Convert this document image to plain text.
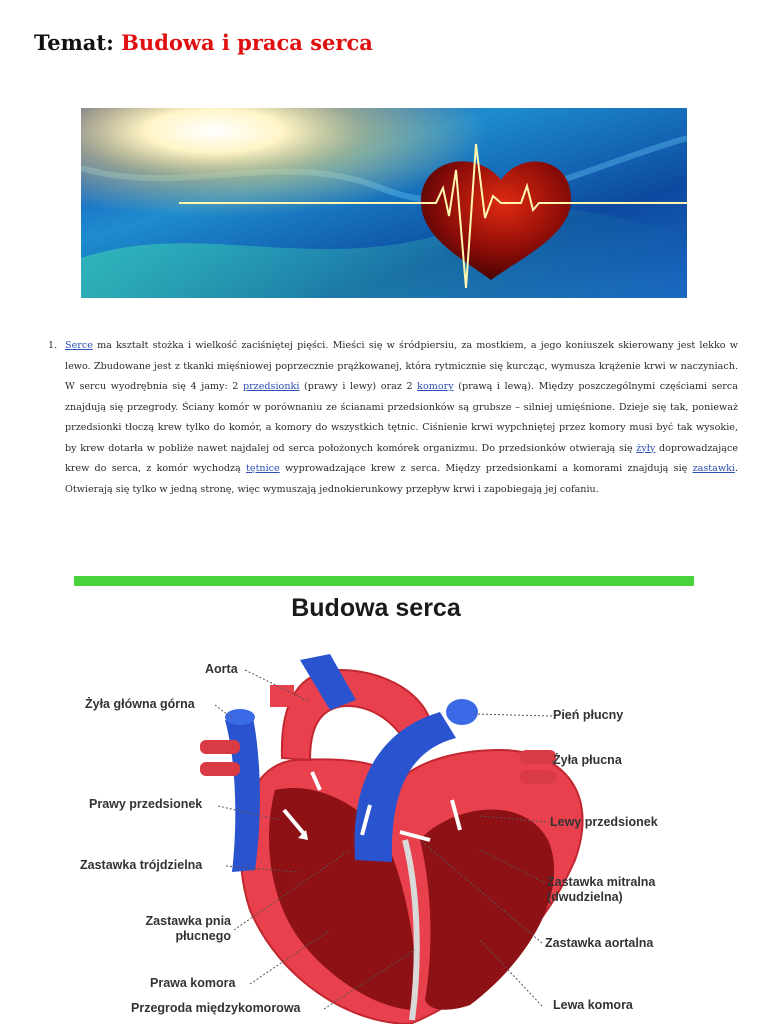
Temat: Budowa i praca serca
1. Serce ma kształt stożka i wielkość zaciśniętej pięści. Mieści się w śródpiersiu, za mostkiem, a jego koniuszek skierowany jest lekko w lewo. Zbudowane jest z tkanki mięśniowej poprzecznie prążkowanej, która rytmicznie się kurcząc, wymusza krążenie krwi w naczyniach. W sercu wyodrębnia się 4 jamy: 2 przedsionki (prawy i lewy) oraz 2 komory (prawą i lewą). Między poszczególnymi częściami serca znajdują się przegrody. Ściany komór w porównaniu ze ścianami przedsionków są grubsze – silniej umięśnione. Dzieje się tak, ponieważ przedsionki tłoczą krew tylko do komór, a komory do wszystkich tętnic. Ciśnienie krwi wypchniętej przez komory musi być tak wysokie, by krew dotarła w pobliże nawet najdalej od serca położonych komórek organizmu. Do przedsionków otwierają się żyły doprowadzające krew do serca, z komór wychodzą tętnice wyprowadzające krew z serca. Między przedsionkami a komorami znajdują się zastawki. Otwierają się tylko w jedną stronę, więc wymuszają jednokierunkowy przepływ krwi i zapobiegają jej cofaniu.
Budowa serca
Aorta
Żyła główna górna
Pień płucny
Żyła płucna
Prawy przedsionek
Lewy przedsionek
Zastawka trójdzielna
Zastawka mitralna
(dwudzielna)
Zastawka pnia
płucnego	Zastawka aortalna
Prawa komora
Lewa komora
Przegroda międzykomorowa
